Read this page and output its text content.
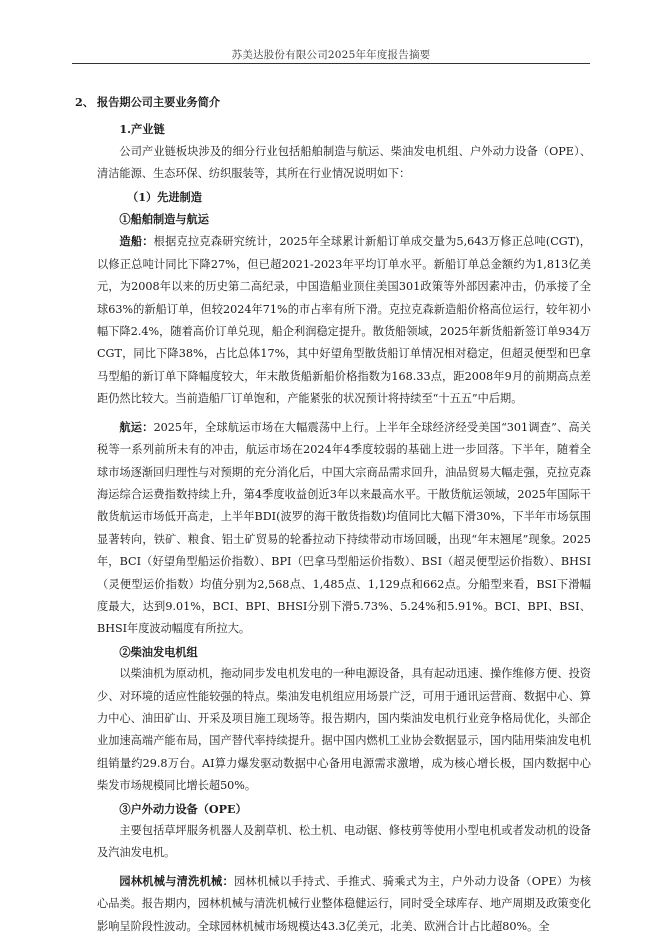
苏美达股份有限公司2025年年度报告摘要

2、 报告期公司主要业务简介

1.产业链

公司产业链板块涉及的细分行业包括船舶制造与航运、柴油发电机组、户外动力设备（OPE）、清洁能源、生态环保、纺织服装等，其所在行业情况说明如下：

（1）先进制造

①船舶制造与航运

造船：根据克拉克森研究统计，2025年全球累计新船订单成交量为5,643万修正总吨(CGT)，以修正总吨计同比下降27%，但已超2021-2023年平均订单水平。新船订单总金额约为1,813亿美元，为2008年以来的历史第二高纪录，中国造船业顶住美国301政策等外部因素冲击，仍承接了全球63%的新船订单，但较2024年71%的市占率有所下滑。克拉克森新造船价格高位运行，较年初小幅下降2.4%，随着高价订单兑现，船企利润稳定提升。散货船领域，2025年新货船新签订单934万CGT，同比下降38%，占比总体17%，其中好望角型散货船订单情况相对稳定，但超灵便型和巴拿马型船的新订单下降幅度较大，年末散货船新船价格指数为168.33点，距2008年9月的前期高点差距仍然比较大。当前造船厂订单饱和，产能紧张的状况预计将持续至“十五五”中后期。

航运：2025年，全球航运市场在大幅震荡中上行。上半年全球经济经受美国“301调查”、高关税等一系列前所未有的冲击，航运市场在2024年4季度较弱的基础上进一步回落。下半年，随着全球市场逐渐回归理性与对预期的充分消化后，中国大宗商品需求回升，油品贸易大幅走强，克拉克森海运综合运费指数持续上升，第4季度收益创近3年以来最高水平。干散货航运领域，2025年国际干散货航运市场低开高走，上半年BDI(波罗的海干散货指数)均值同比大幅下滑30%，下半年市场氛围显著转向，铁矿、粮食、铝土矿贸易的轮番拉动下持续带动市场回暖，出现“年末翘尾”现象。2025年，BCI（好望角型船运价指数）、BPI（巴拿马型船运价指数）、BSI（超灵便型运价指数）、BHSI（灵便型运价指数）均值分别为2,568点、1,485点、1,129点和662点。分船型来看，BSI下滑幅度最大，达到9.01%，BCI、BPI、BHSI分别下滑5.73%、5.24%和5.91%。BCI、BPI、BSI、BHSI年度波动幅度有所拉大。

②柴油发电机组

以柴油机为原动机，拖动同步发电机发电的一种电源设备，具有起动迅速、操作维修方便、投资少、对环境的适应性能较强的特点。柴油发电机组应用场景广泛，可用于通讯运营商、数据中心、算力中心、油田矿山、开采及项目施工现场等。报告期内，国内柴油发电机行业竞争格局优化，头部企业加速高端产能布局，国产替代率持续提升。据中国内燃机工业协会数据显示，国内陆用柴油发电机组销量约29.8万台。AI算力爆发驱动数据中心备用电源需求激增，成为核心增长极，国内数据中心柴发市场规模同比增长超50%。

③户外动力设备（OPE）

主要包括草坪服务机器人及割草机、松土机、电动锯、修枝剪等使用小型电机或者发动机的设备及汽油发电机。

园林机械与清洗机械：园林机械以手持式、手推式、骑乘式为主，户外动力设备（OPE）为核心品类。报告期内，园林机械与清洗机械行业整体稳健运行，同时受全球库存、地产周期及政策变化影响呈阶段性波动。全球园林机械市场规模达43.3亿美元，北美、欧洲合计占比超80%。全
